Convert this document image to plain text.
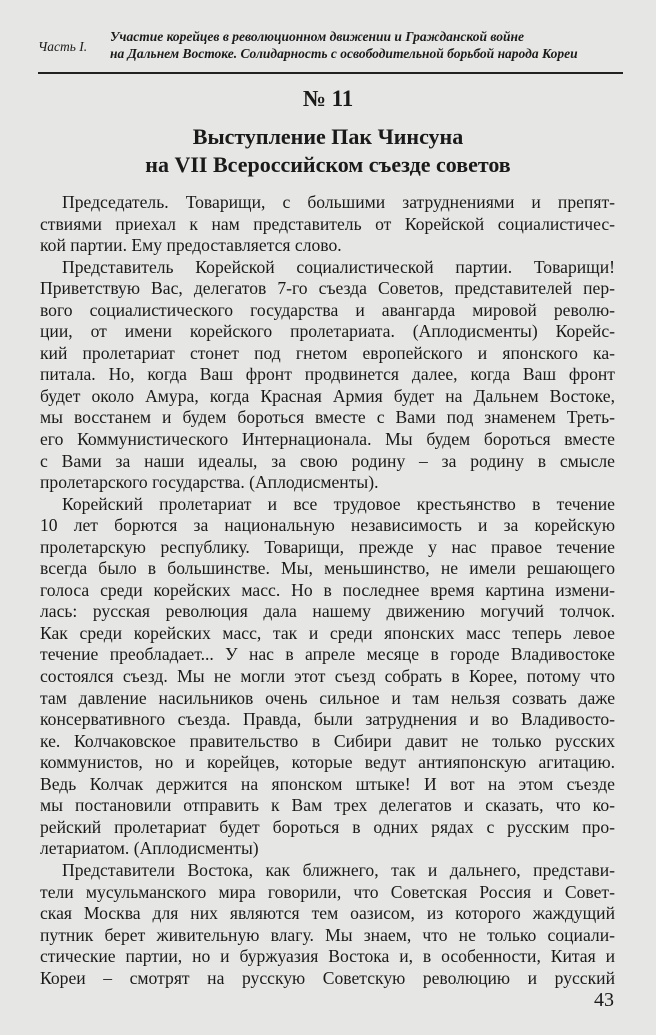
Часть I.
Участие корейцев в революционном движении и Гражданской войне
на Дальнем Востоке. Солидарность с освободительной борьбой народа Кореи
№ 11
Выступление Пак Чинсуна
на VII Всероссийском съезде советов
Председатель. Товарищи, с большими затруднениями и препят-
ствиями приехал к нам представитель от Корейской социалистичес-
кой партии. Ему предоставляется слово.
Представитель Корейской социалистической партии. Товарищи!
Приветствую Вас, делегатов 7-го съезда Советов, представителей пер-
вого социалистического государства и авангарда мировой револю-
ции, от имени корейского пролетариата. (Аплодисменты) Корейс-
кий пролетариат стонет под гнетом европейского и японского ка-
питала. Но, когда Ваш фронт продвинется далее, когда Ваш фронт
будет около Амура, когда Красная Армия будет на Дальнем Востоке,
мы восстанем и будем бороться вместе с Вами под знаменем Треть-
его Коммунистического Интернационала. Мы будем бороться вместе
с Вами за наши идеалы, за свою родину – за родину в смысле
пролетарского государства. (Аплодисменты).
Корейский пролетариат и все трудовое крестьянство в течение
10 лет борются за национальную независимость и за корейскую
пролетарскую республику. Товарищи, прежде у нас правое течение
всегда было в большинстве. Мы, меньшинство, не имели решающего
голоса среди корейских масс. Но в последнее время картина измени-
лась: русская революция дала нашему движению могучий толчок.
Как среди корейских масс, так и среди японских масс теперь левое
течение преобладает... У нас в апреле месяце в городе Владивостоке
состоялся съезд. Мы не могли этот съезд собрать в Корее, потому что
там давление насильников очень сильное и там нельзя созвать даже
консервативного съезда. Правда, были затруднения и во Владивосто-
ке. Колчаковское правительство в Сибири давит не только русских
коммунистов, но и корейцев, которые ведут антияпонскую агитацию.
Ведь Колчак держится на японском штыке! И вот на этом съезде
мы постановили отправить к Вам трех делегатов и сказать, что ко-
рейский пролетариат будет бороться в одних рядах с русским про-
летариатом. (Аплодисменты)
Представители Востока, как ближнего, так и дальнего, представи-
тели мусульманского мира говорили, что Советская Россия и Совет-
ская Москва для них являются тем оазисом, из которого жаждущий
путник берет живительную влагу. Мы знаем, что не только социали-
стические партии, но и буржуазия Востока и, в особенности, Китая и
Кореи – смотрят на русскую Советскую революцию и русский
43
